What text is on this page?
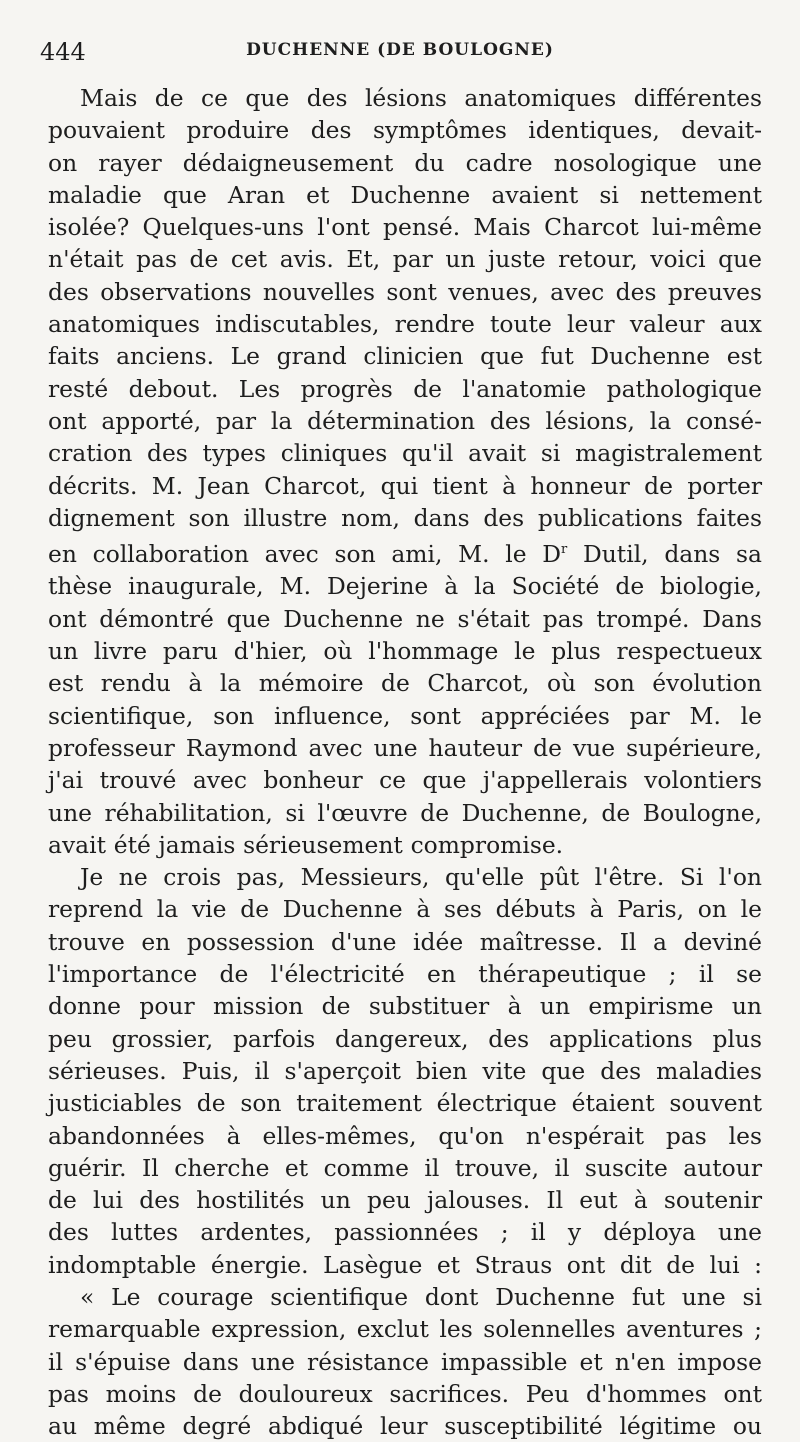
444	DUCHENNE (DE BOULOGNE)
Mais de ce que des lésions anatomiques différentes
pouvaient produire des symptômes identiques, devait-
on rayer dédaigneusement du cadre nosologique une
maladie que Aran et Duchenne avaient si nettement
isolée? Quelques-uns l'ont pensé. Mais Charcot lui-même
n'était pas de cet avis. Et, par un juste retour, voici que
des observations nouvelles sont venues, avec des preuves
anatomiques indiscutables, rendre toute leur valeur aux
faits anciens. Le grand clinicien que fut Duchenne est
resté debout. Les progrès de l'anatomie pathologique
ont apporté, par la détermination des lésions, la consé-
cration des types cliniques qu'il avait si magistralement
décrits. M. Jean Charcot, qui tient à honneur de porter
dignement son illustre nom, dans des publications faites
en collaboration avec son ami, M. le $D^r$ Dutil, dans sa
thèse inaugurale, M. Dejerine à la Société de biologie,
ont démontré que Duchenne ne s'était pas trompé. Dans
un livre paru d'hier, où l'hommage le plus respectueux
est rendu à la mémoire de Charcot, où son évolution
scientifique, son influence, sont appréciées par M. le
professeur Raymond avec une hauteur de vue supérieure,
j'ai trouvé avec bonheur ce que j'appellerais volontiers
une réhabilitation, si l'œuvre de Duchenne, de Boulogne,
avait été jamais sérieusement compromise.
Je ne crois pas, Messieurs, qu'elle pût l'être. Si l'on
reprend la vie de Duchenne à ses débuts à Paris, on le
trouve en possession d'une idée maîtresse. Il a deviné
l'importance de l'électricité en thérapeutique ; il se
donne pour mission de substituer à un empirisme un
peu grossier, parfois dangereux, des applications plus
sérieuses. Puis, il s'aperçoit bien vite que des maladies
justiciables de son traitement électrique étaient souvent
abandonnées à elles-mêmes, qu'on n'espérait pas les
guérir. Il cherche et comme il trouve, il suscite autour
de lui des hostilités un peu jalouses. Il eut à soutenir
des luttes ardentes, passionnées ; il y déploya une
indomptable énergie. Lasègue et Straus ont dit de lui :
« Le courage scientifique dont Duchenne fut une si
remarquable expression, exclut les solennelles aventures ;
il s'épuise dans une résistance impassible et n'en impose
pas moins de douloureux sacrifices. Peu d'hommes ont
au même degré abdiqué leur susceptibilité légitime ou
